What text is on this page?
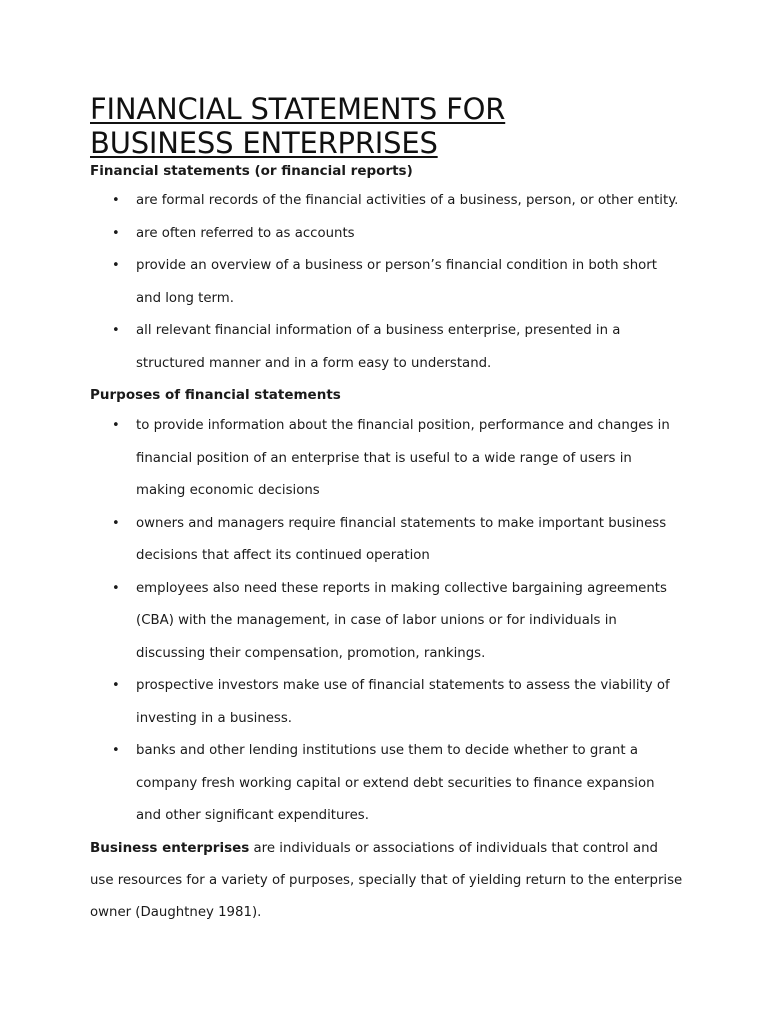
FINANCIAL STATEMENTS FOR
BUSINESS ENTERPRISES

Financial statements (or financial reports)

• are formal records of the financial activities of a business, person, or other entity.
• are often referred to as accounts
• provide an overview of a business or person’s financial condition in both short
and long term.
• all relevant financial information of a business enterprise, presented in a
structured manner and in a form easy to understand.

Purposes of financial statements

• to provide information about the financial position, performance and changes in
financial position of an enterprise that is useful to a wide range of users in
making economic decisions
• owners and managers require financial statements to make important business
decisions that affect its continued operation
• employees also need these reports in making collective bargaining agreements
(CBA) with the management, in case of labor unions or for individuals in
discussing their compensation, promotion, rankings.
• prospective investors make use of financial statements to assess the viability of
investing in a business.
• banks and other lending institutions use them to decide whether to grant a
company fresh working capital or extend debt securities to finance expansion
and other significant expenditures.

Business enterprises are individuals or associations of individuals that control and
use resources for a variety of purposes, specially that of yielding return to the enterprise
owner (Daughtney 1981).
